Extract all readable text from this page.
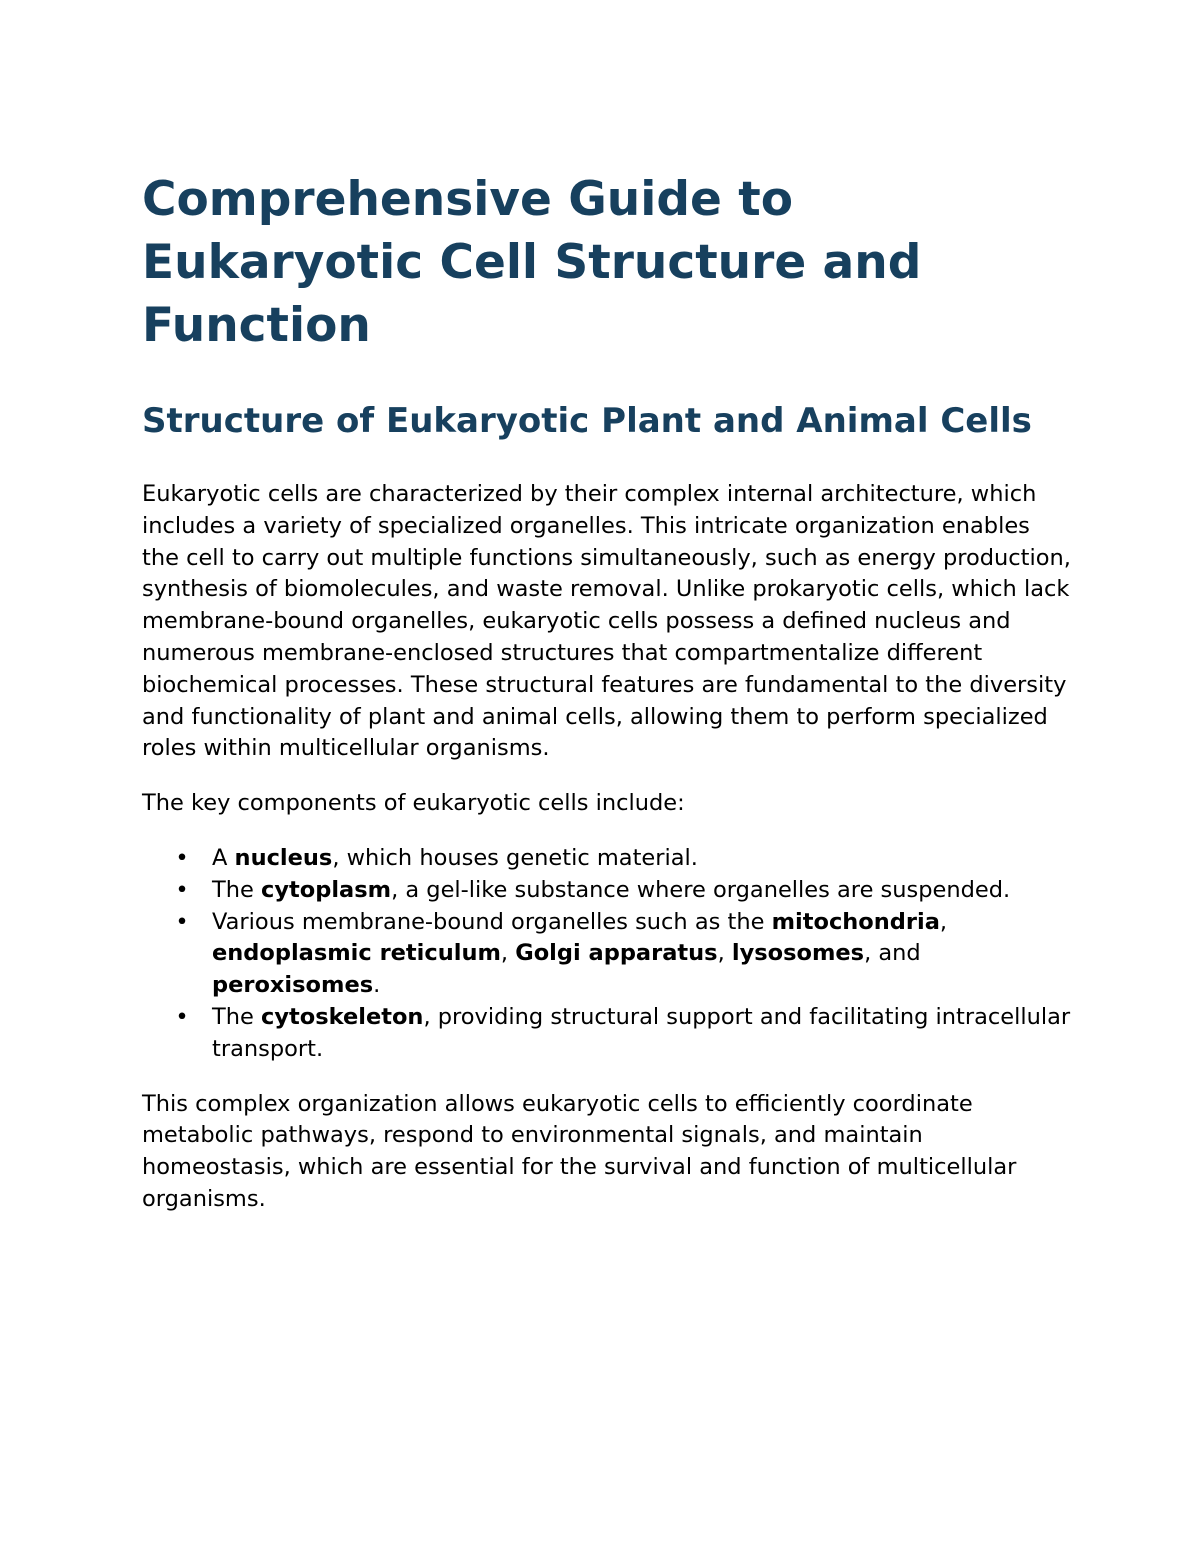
Comprehensive Guide to Eukaryotic Cell Structure and Function
Structure of Eukaryotic Plant and Animal Cells

Eukaryotic cells are characterized by their complex internal architecture, which includes a variety of specialized organelles. This intricate organization enables the cell to carry out multiple functions simultaneously, such as energy production, synthesis of biomolecules, and waste removal. Unlike prokaryotic cells, which lack membrane-bound organelles, eukaryotic cells possess a defined nucleus and numerous membrane-enclosed structures that compartmentalize different biochemical processes. These structural features are fundamental to the diversity and functionality of plant and animal cells, allowing them to perform specialized roles within multicellular organisms.

The key components of eukaryotic cells include:

• A nucleus, which houses genetic material.
• The cytoplasm, a gel-like substance where organelles are suspended.
• Various membrane-bound organelles such as the mitochondria, endoplasmic reticulum, Golgi apparatus, lysosomes, and peroxisomes.
• The cytoskeleton, providing structural support and facilitating intracellular transport.

This complex organization allows eukaryotic cells to efficiently coordinate metabolic pathways, respond to environmental signals, and maintain homeostasis, which are essential for the survival and function of multicellular organisms.
